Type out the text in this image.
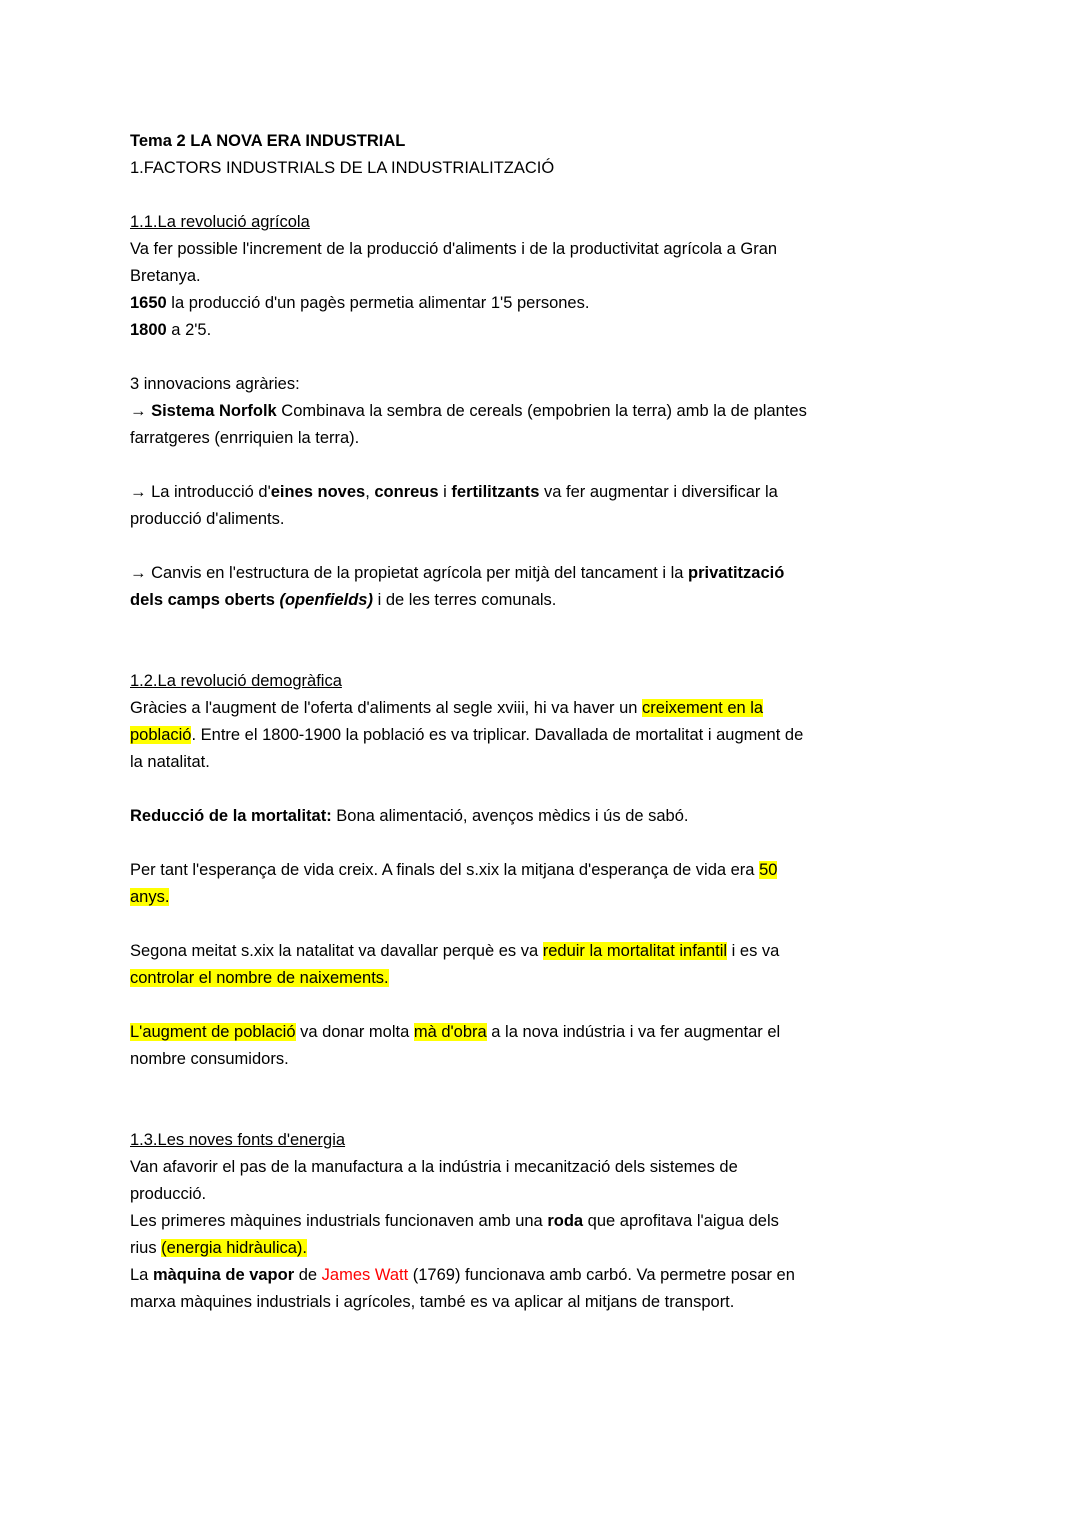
Tema 2 LA NOVA ERA INDUSTRIAL
1.FACTORS INDUSTRIALS DE LA INDUSTRIALITZACIÓ
1.1.La revolució agrícola
Va fer possible l'increment de la producció d'aliments i de la productivitat agrícola a Gran
Bretanya.
1650 la producció d'un pagès permetia alimentar 1'5 persones.
1800 a 2'5.
3 innovacions agràries:
→ Sistema Norfolk Combinava la sembra de cereals (empobrien la terra) amb la de plantes
farratgeres (enrriquien la terra).
→ La introducció d'eines noves, conreus i fertilitzants va fer augmentar i diversificar la
producció d'aliments.
→ Canvis en l'estructura de la propietat agrícola per mitjà del tancament i la privatització
dels camps oberts (openfields) i de les terres comunals.
1.2.La revolució demogràfica
Gràcies a l'augment de l'oferta d'aliments al segle xviii, hi va haver un creixement en la
població. Entre el 1800-1900 la població es va triplicar. Davallada de mortalitat i augment de
la natalitat.
Reducció de la mortalitat: Bona alimentació, avenços mèdics i ús de sabó.
Per tant l'esperança de vida creix. A finals del s.xix la mitjana d'esperança de vida era 50
anys.
Segona meitat s.xix la natalitat va davallar perquè es va reduir la mortalitat infantil i es va
controlar el nombre de naixements.
L'augment de població va donar molta mà d'obra a la nova indústria i va fer augmentar el
nombre consumidors.
1.3.Les noves fonts d'energia
Van afavorir el pas de la manufactura a la indústria i mecanització dels sistemes de
producció.
Les primeres màquines industrials funcionaven amb una roda que aprofitava l'aigua dels
rius (energia hidràulica).
La màquina de vapor de James Watt (1769) funcionava amb carbó. Va permetre posar en
marxa màquines industrials i agrícoles, també es va aplicar al mitjans de transport.
